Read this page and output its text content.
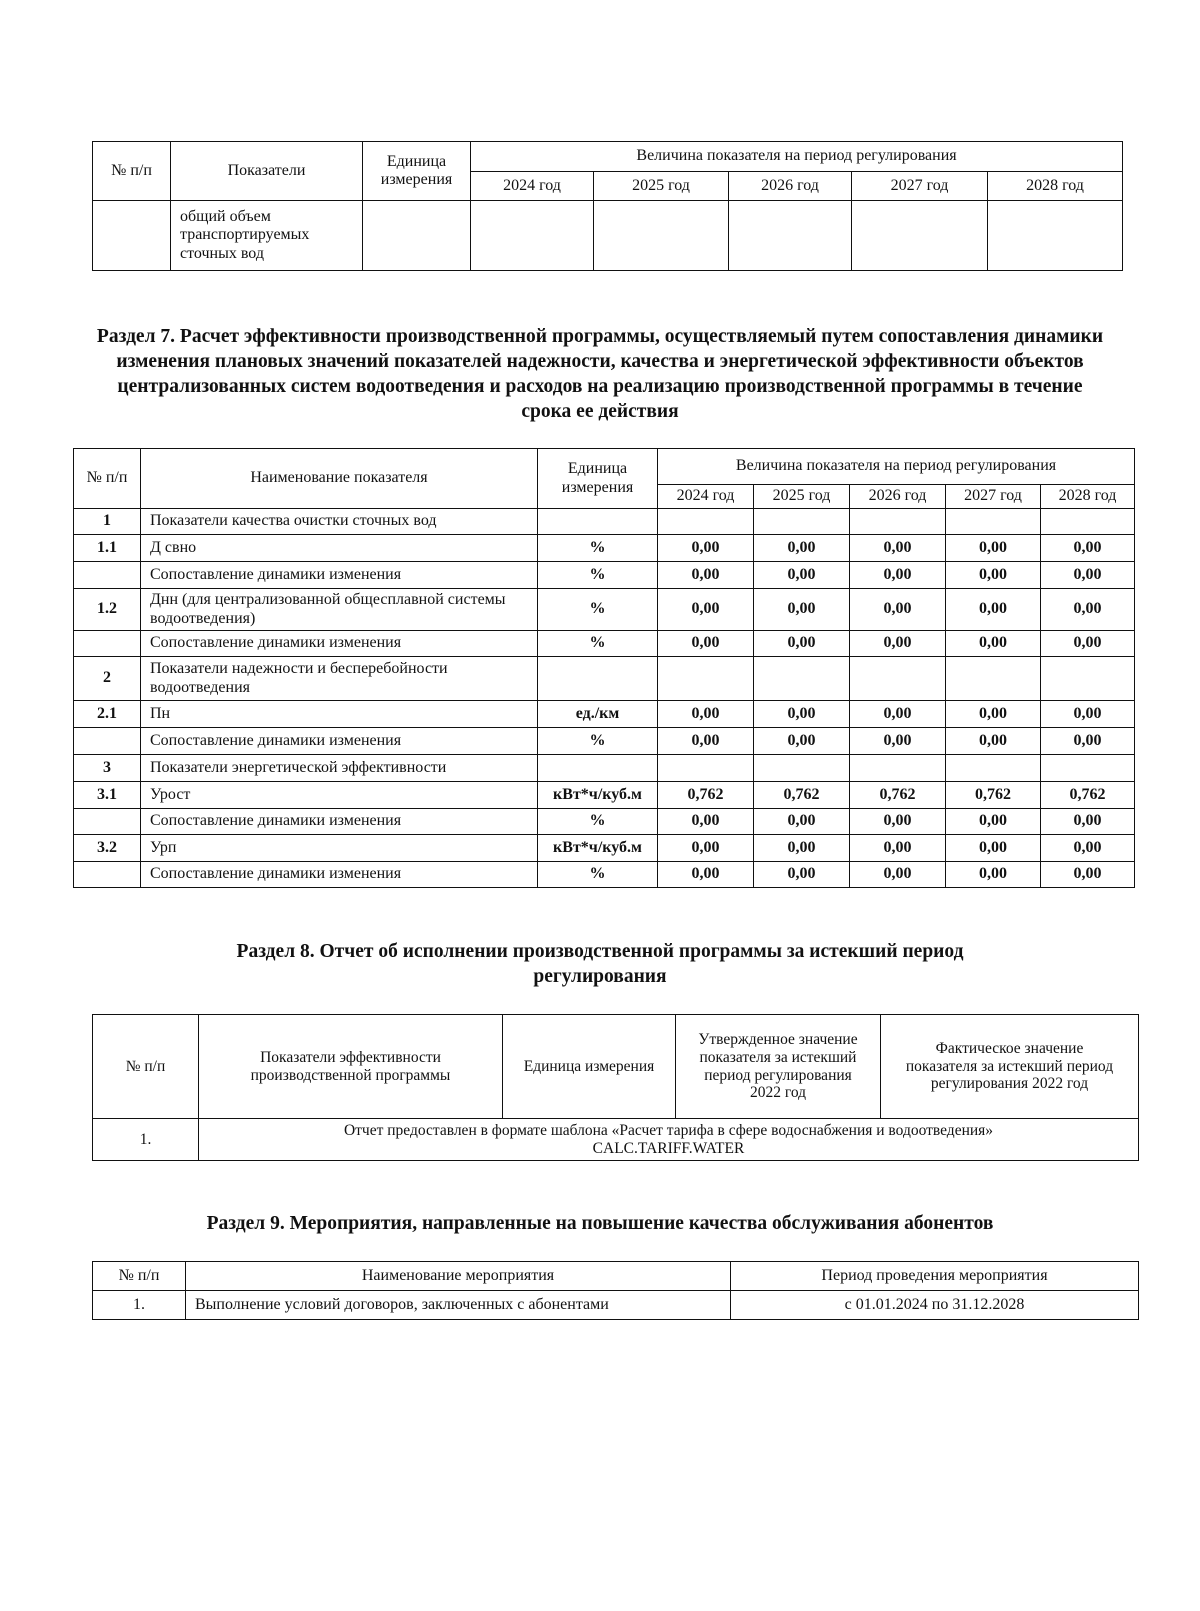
№ п/п	Показатели	Единица измерения	Величина показателя на период регулирования				
			2024 год	2025 год	2026 год	2027 год	2028 год
	общий объем транспортируемых сточных вод						
Раздел 7. Расчет эффективности производственной программы, осуществляемый путем сопоставления динамики изменения плановых значений показателей надежности, качества и энергетической эффективности объектов централизованных систем водоотведения и расходов на реализацию производственной программы в течение срока ее действия
№ п/п	Наименование показателя	Единица измерения	Величина показателя на период регулирования				
			2024 год	2025 год	2026 год	2027 год	2028 год
1	Показатели качества очистки сточных вод						
1.1	Д свно	%	0,00	0,00	0,00	0,00	0,00
	Сопоставление динамики изменения	%	0,00	0,00	0,00	0,00	0,00
1.2	Днн (для централизованной общесплавной системы водоотведения)	%	0,00	0,00	0,00	0,00	0,00
	Сопоставление динамики изменения	%	0,00	0,00	0,00	0,00	0,00
2	Показатели надежности и бесперебойности водоотведения						
2.1	Пн	ед./км	0,00	0,00	0,00	0,00	0,00
	Сопоставление динамики изменения	%	0,00	0,00	0,00	0,00	0,00
3	Показатели энергетической эффективности						
3.1	Урост	кВт*ч/куб.м	0,762	0,762	0,762	0,762	0,762
	Сопоставление динамики изменения	%	0,00	0,00	0,00	0,00	0,00
3.2	Урп	кВт*ч/куб.м	0,00	0,00	0,00	0,00	0,00
	Сопоставление динамики изменения	%	0,00	0,00	0,00	0,00	0,00
Раздел 8. Отчет об исполнении производственной программы за истекший период
регулирования
№ п/п	Показатели эффективности производственной программы	Единица измерения	Утвержденное значение показателя за истекший период регулирования 2022 год	Фактическое значение показателя за истекший период регулирования 2022 год
1.	Отчет предоставлен в формате шаблона «Расчет тарифа в сфере водоснабжения и водоотведения»
CALC.TARIFF.WATER			
Раздел 9. Мероприятия, направленные на повышение качества обслуживания абонентов
№ п/п	Наименование мероприятия	Период проведения мероприятия
1.	Выполнение условий договоров, заключенных с абонентами	с 01.01.2024 по 31.12.2028
